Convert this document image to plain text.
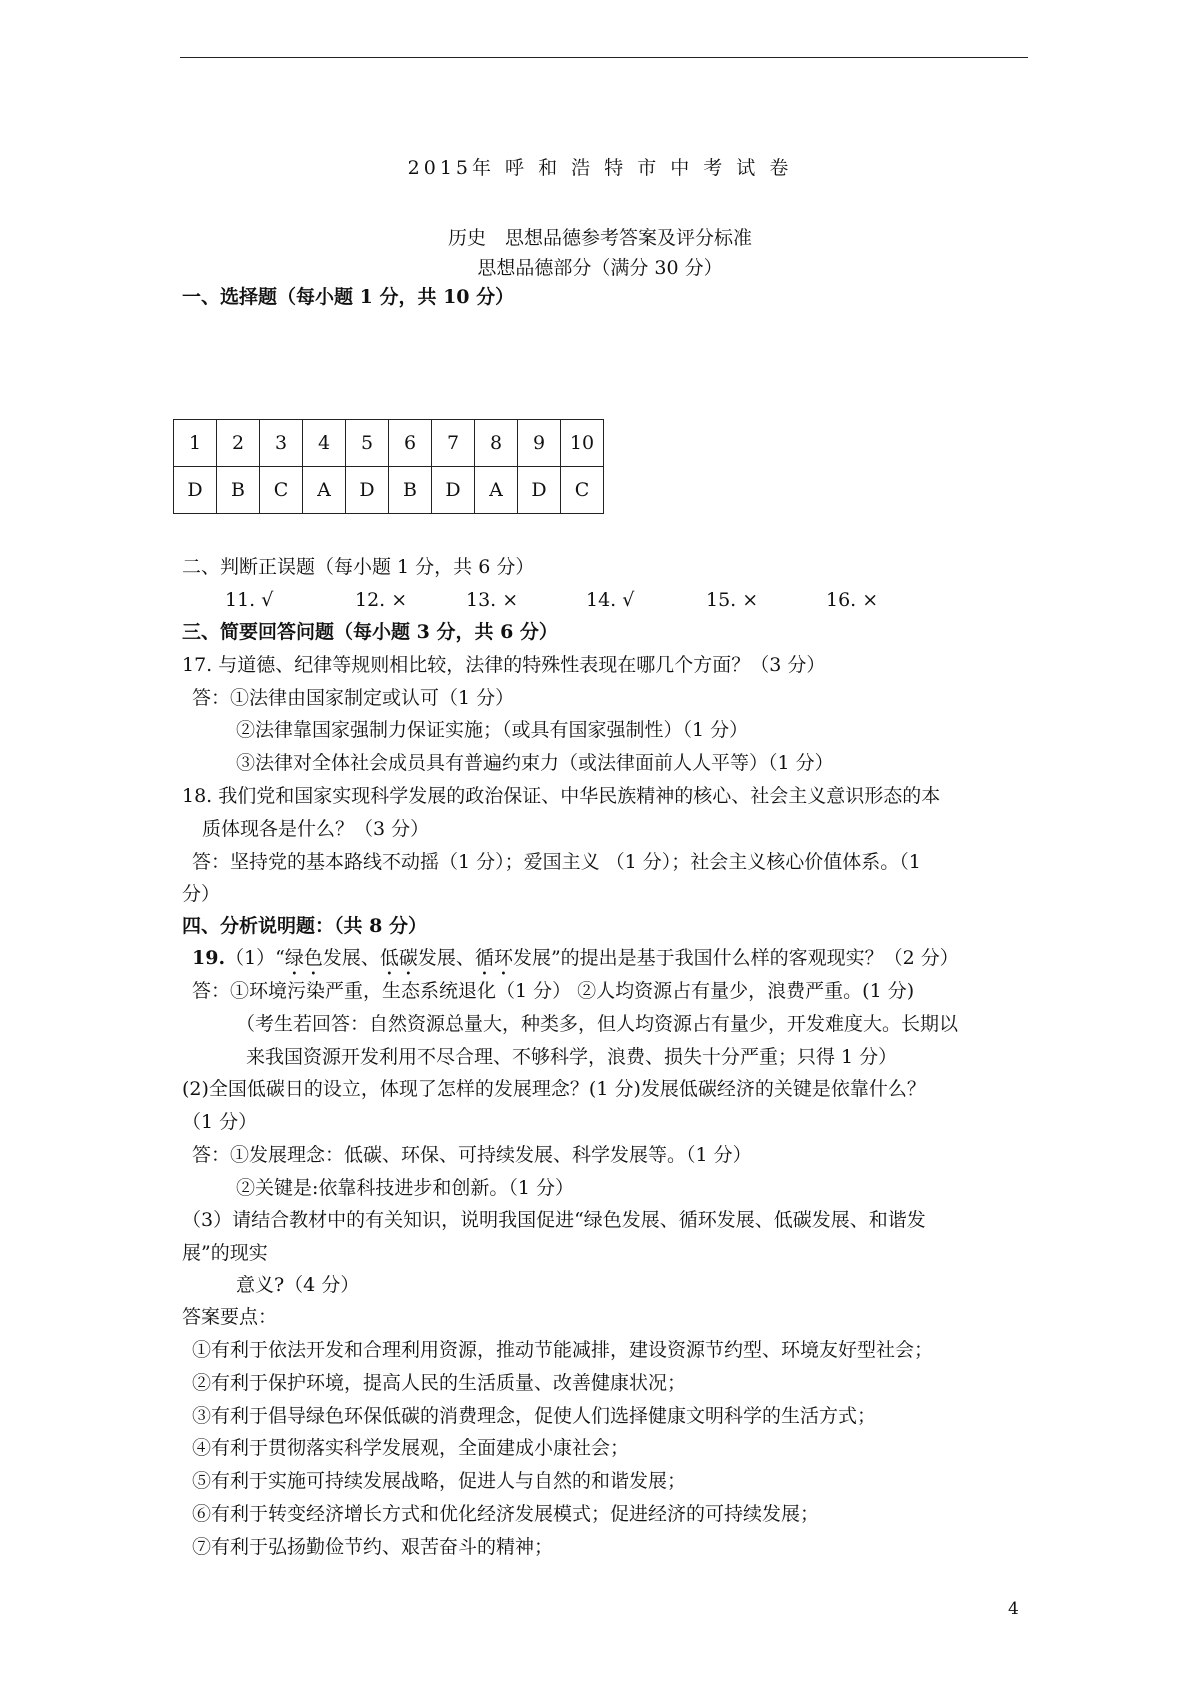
2015年 呼 和 浩 特 市 中 考 试 卷
历史　思想品德参考答案及评分标准
思想品德部分（满分 30 分）
一、选择题（每小题 1 分，共 10 分）
1	2	3	4	5	6	7	8	9	10
D	B	C	A	D	B	D	A	D	C
二、判断正误题（每小题 1 分，共 6 分）
11. √	12. ×	13. ×	14. √	15. ×	16. ×
三、简要回答问题（每小题 3 分，共 6 分）
17. 与道德、纪律等规则相比较，法律的特殊性表现在哪几个方面？（3 分）
答：①法律由国家制定或认可（1 分）
②法律靠国家强制力保证实施；（或具有国家强制性）（1 分）
③法律对全体社会成员具有普遍约束力（或法律面前人人平等）（1 分）
18. 我们党和国家实现科学发展的政治保证、中华民族精神的核心、社会主义意识形态的本
质体现各是什么？（3 分）
答：坚持党的基本路线不动摇（1 分）；爱国主义 （1 分）；社会主义核心价值体系。（1
分）
四、分析说明题：（共 8 分）
19.（1）“绿色发展、低碳发展、循环发展”的提出是基于我国什么样的客观现实？（2 分）
答：①环境污染严重，生态系统退化（1 分） ②人均资源占有量少，浪费严重。(1 分)
（考生若回答：自然资源总量大，种类多，但人均资源占有量少，开发难度大。长期以
来我国资源开发利用不尽合理、不够科学，浪费、损失十分严重；只得 1 分）
(2)全国低碳日的设立，体现了怎样的发展理念？(1 分)发展低碳经济的关键是依靠什么？
（1 分）
答：①发展理念：低碳、环保、可持续发展、科学发展等。（1 分）
②关键是:依靠科技进步和创新。（1 分）
（3）请结合教材中的有关知识，说明我国促进“绿色发展、循环发展、低碳发展、和谐发
展”的现实
意义?（4 分）
答案要点：
①有利于依法开发和合理利用资源，推动节能减排，建设资源节约型、环境友好型社会；
②有利于保护环境，提高人民的生活质量、改善健康状况；
③有利于倡导绿色环保低碳的消费理念，促使人们选择健康文明科学的生活方式；
④有利于贯彻落实科学发展观，全面建成小康社会；
⑤有利于实施可持续发展战略，促进人与自然的和谐发展；
⑥有利于转变经济增长方式和优化经济发展模式；促进经济的可持续发展；
⑦有利于弘扬勤俭节约、艰苦奋斗的精神；
4
